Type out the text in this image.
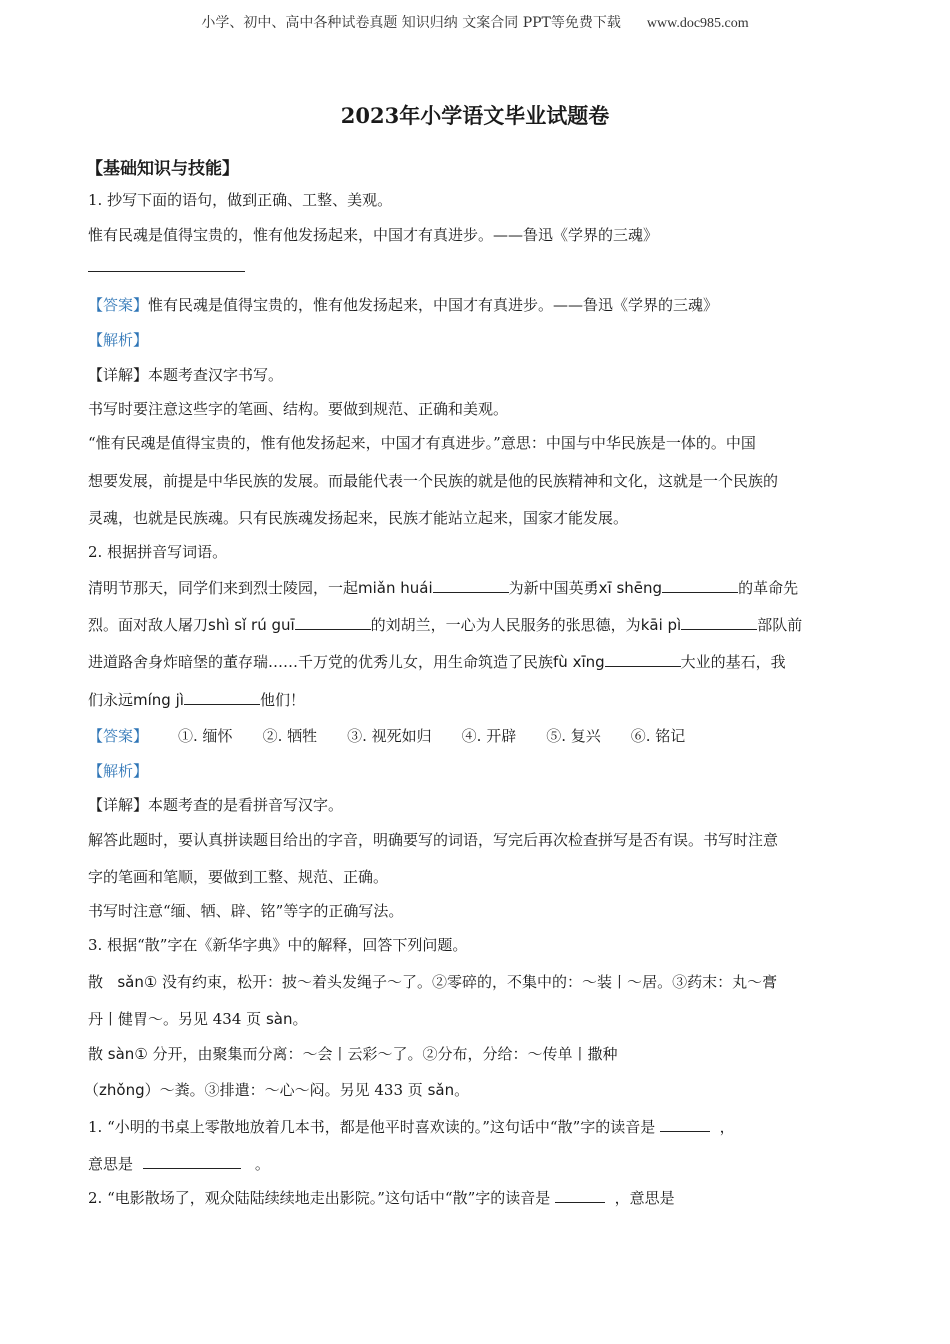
小学、初中、高中各种试卷真题 知识归纳 文案合同 PPT等免费下载 www.doc985.com
2023年小学语文毕业试题卷
【基础知识与技能】
1. 抄写下面的语句，做到正确、工整、美观。
惟有民魂是值得宝贵的，惟有他发扬起来，中国才有真进步。——鲁迅《学界的三魂》
【答案】惟有民魂是值得宝贵的，惟有他发扬起来，中国才有真进步。——鲁迅《学界的三魂》
【解析】
【详解】本题考查汉字书写。
书写时要注意这些字的笔画、结构。要做到规范、正确和美观。
“惟有民魂是值得宝贵的，惟有他发扬起来，中国才有真进步。”意思：中国与中华民族是一体的。中国
想要发展，前提是中华民族的发展。而最能代表一个民族的就是他的民族精神和文化，这就是一个民族的
灵魂，也就是民族魂。只有民族魂发扬起来，民族才能站立起来，国家才能发展。
2. 根据拼音写词语。
清明节那天，同学们来到烈士陵园，一起miǎn huái	为新中国英勇xī shēng	的革命先
烈。面对敌人屠刀shì sǐ rú guī	的刘胡兰，一心为人民服务的张思德，为kāi pì	部队前
进道路舍身炸暗堡的董存瑞……千万党的优秀儿女，用生命筑造了民族fù xīng	大业的基石，我
们永远míng jì	他们！
【答案】 ①. 缅怀 ②. 牺牲 ③. 视死如归 ④. 开辟 ⑤. 复兴 ⑥. 铭记
【解析】
【详解】本题考查的是看拼音写汉字。
解答此题时，要认真拼读题目给出的字音，明确要写的词语，写完后再次检查拼写是否有误。书写时注意
字的笔画和笔顺，要做到工整、规范、正确。
书写时注意“缅、牺、辟、铭”等字的正确写法。
3. 根据“散”字在《新华字典》中的解释，回答下列问题。
散 sǎn① 没有约束，松开：披～着头发绳子～了。②零碎的，不集中的：～装丨～居。③药末：丸～膏
丹丨健胃～。另见 434 页 sàn。
散 sàn① 分开，由聚集而分离：～会丨云彩～了。②分布，分给：～传单丨撒种
（zhǒng）～粪。③排遣：～心～闷。另见 433 页 sǎn。
1. “小明的书桌上零散地放着几本书，都是他平时喜欢读的。”这句话中“散”字的读音是	，
意思是	。
2. “电影散场了，观众陆陆续续地走出影院。”这句话中“散”字的读音是	，意思是
